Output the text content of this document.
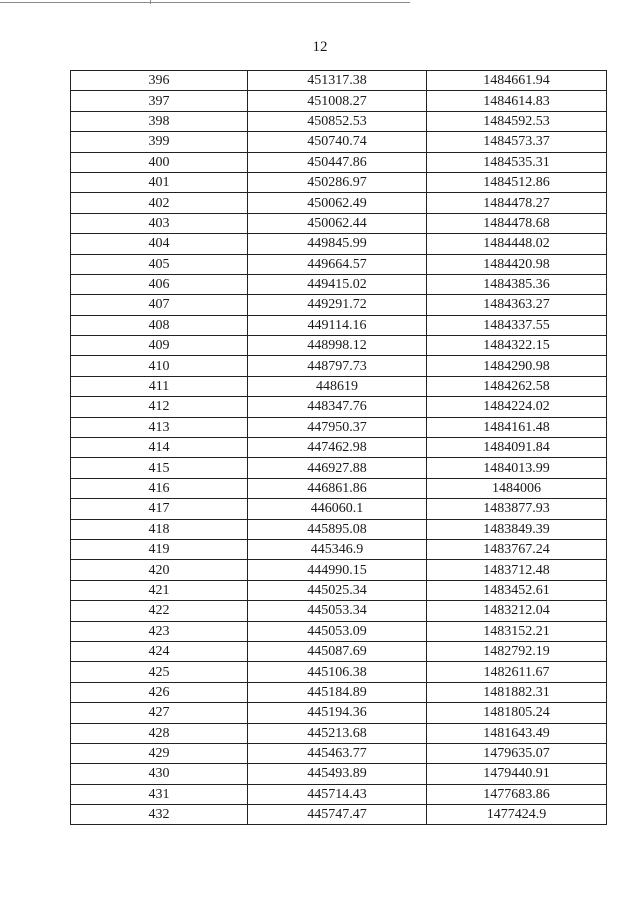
12
396	451317.38	1484661.94
397	451008.27	1484614.83
398	450852.53	1484592.53
399	450740.74	1484573.37
400	450447.86	1484535.31
401	450286.97	1484512.86
402	450062.49	1484478.27
403	450062.44	1484478.68
404	449845.99	1484448.02
405	449664.57	1484420.98
406	449415.02	1484385.36
407	449291.72	1484363.27
408	449114.16	1484337.55
409	448998.12	1484322.15
410	448797.73	1484290.98
411	448619	1484262.58
412	448347.76	1484224.02
413	447950.37	1484161.48
414	447462.98	1484091.84
415	446927.88	1484013.99
416	446861.86	1484006
417	446060.1	1483877.93
418	445895.08	1483849.39
419	445346.9	1483767.24
420	444990.15	1483712.48
421	445025.34	1483452.61
422	445053.34	1483212.04
423	445053.09	1483152.21
424	445087.69	1482792.19
425	445106.38	1482611.67
426	445184.89	1481882.31
427	445194.36	1481805.24
428	445213.68	1481643.49
429	445463.77	1479635.07
430	445493.89	1479440.91
431	445714.43	1477683.86
432	445747.47	1477424.9
